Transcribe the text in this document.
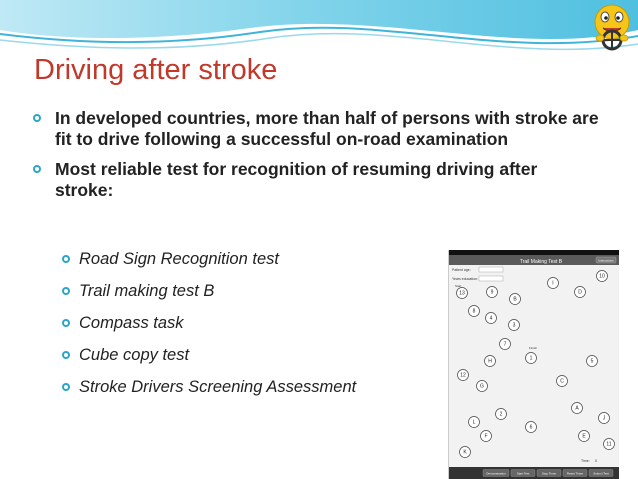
Driving after stroke
In developed countries, more than half of persons with stroke are fit to drive following a successful on-road examination
Most reliable test for recognition of resuming driving after stroke:
Road Sign Recognition test
Trail making test B
Compass task
Cube copy test
Stroke Drivers Screening Assessment
Trail Making Test B	Instructions
Patient age:
Years education:
Start
Finish
13	9
8
B
4
I
D
10
3
7
1	5
H
12
G
C
A
2
J
6
E
11
L
F
K
Time: 0
Demonstration	Start Test	Stop Timer	Reset Timer	Submit Test
